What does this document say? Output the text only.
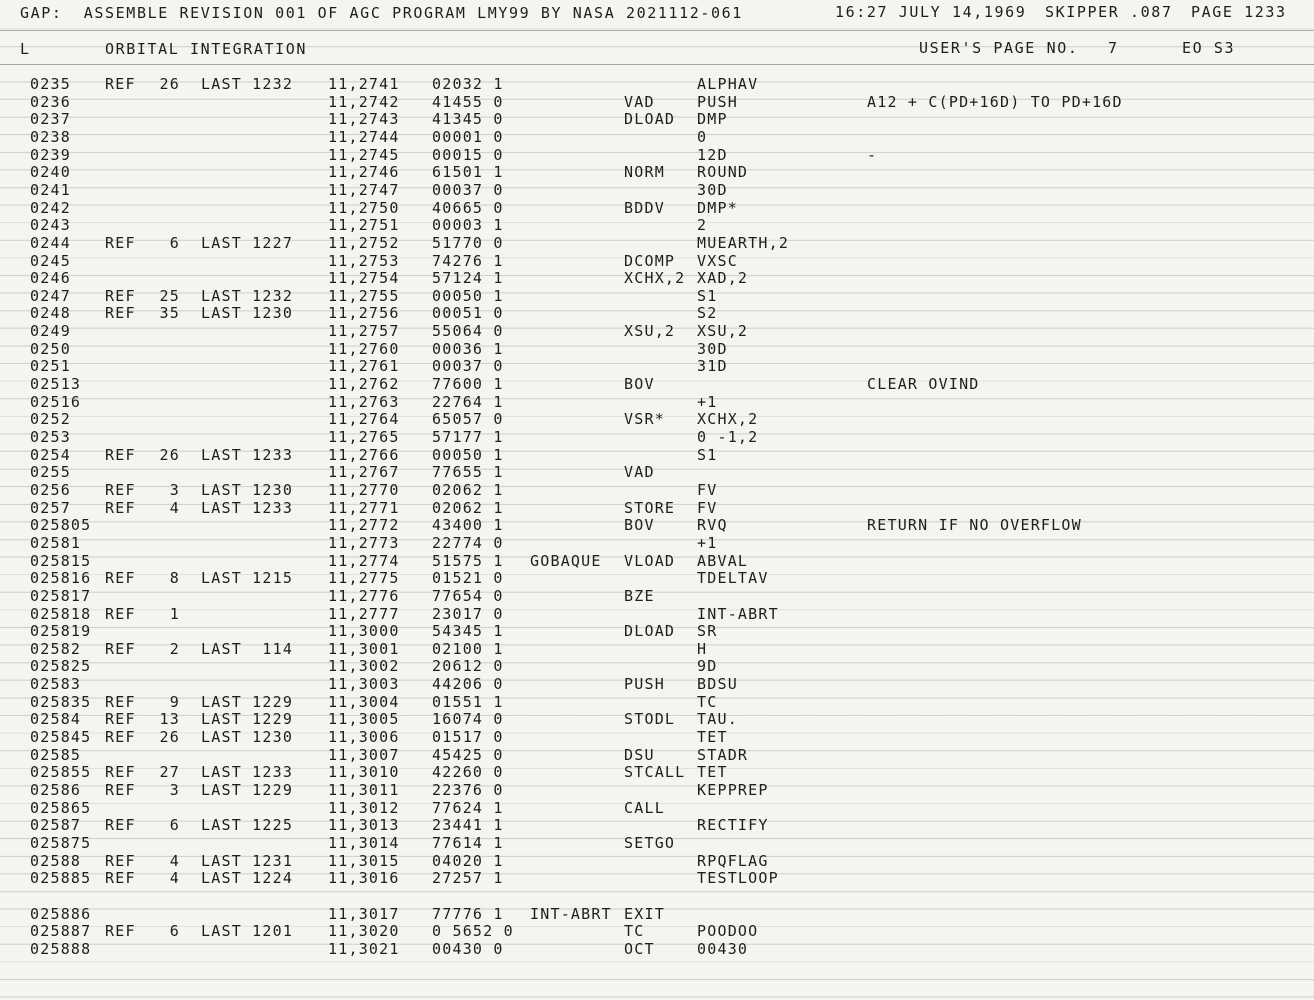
GAP:  ASSEMBLE REVISION 001 OF AGC PROGRAM LMY99 BY NASA 2021112-061	16:27 JULY 14,1969 SKIPPER .087 PAGE 1233
L	ORBITAL INTEGRATION	USER'S PAGE NO. 7	EO S3
0235 REF 26 LAST 1232 11,2741 02032 1	ALPHAV
0236	11,2742 41455 0	VAD	PUSH	A12 + C(PD+16D) TO PD+16D
0237	11,2743 41345 0	DLOAD DMP
0238	11,2744 00001 0	0
0239	11,2745 00015 0	12D	-
0240	11,2746 61501 1	NORM ROUND
0241	11,2747 00037 0	30D
0242	11,2750 40665 0	BDDV DMP*
0243	11,2751 00003 1	2
0244 REF	6 LAST 1227 11,2752 51770 0	MUEARTH,2
0245	11,2753 74276 1	DCOMP VXSC
0246	11,2754 57124 1	XCHX,2 XAD,2
0247 REF 25 LAST 1232 11,2755 00050 1	S1
0248 REF 35 LAST 1230 11,2756 00051 0	S2
0249	11,2757 55064 0	XSU,2 XSU,2
0250	11,2760 00036 1	30D
0251	11,2761 00037 0	31D
02513	11,2762 77600 1	BOV	CLEAR OVIND
02516	11,2763 22764 1	+1
0252	11,2764 65057 0	VSR* XCHX,2
0253	11,2765 57177 1	0 -1,2
0254 REF 26 LAST 1233 11,2766 00050 1	S1
0255	11,2767 77655 1	VAD
0256 REF	3 LAST 1230 11,2770 02062 1	FV
0257 REF	4 LAST 1233 11,2771 02062 1	STORE FV
025805	11,2772 43400 1	BOV	RVQ	RETURN IF NO OVERFLOW
02581	11,2773 22774 0	+1
025815	11,2774 51575 1 GOBAQUE VLOAD ABVAL
025816 REF	8 LAST 1215 11,2775 01521 0	TDELTAV
025817	11,2776 77654 0	BZE
025818 REF	1	11,2777 23017 0	INT-ABRT
025819	11,3000 54345 1	DLOAD SR
02582 REF	2 LAST  114 11,3001 02100 1	H
025825	11,3002 20612 0	9D
02583	11,3003 44206 0	PUSH BDSU
025835 REF	9 LAST 1229 11,3004 01551 1	TC
02584 REF 13 LAST 1229 11,3005 16074 0	STODL TAU.
025845 REF 26 LAST 1230 11,3006 01517 0	TET
02585	11,3007 45425 0	DSU	STADR
025855 REF 27 LAST 1233 11,3010 42260 0	STCALL TET
02586 REF	3 LAST 1229 11,3011 22376 0	KEPPREP
025865	11,3012 77624 1	CALL
02587 REF	6 LAST 1225 11,3013 23441 1	RECTIFY
025875	11,3014 77614 1	SETGO
02588 REF	4 LAST 1231 11,3015 04020 1	RPQFLAG
025885 REF	4 LAST 1224 11,3016 27257 1	TESTLOOP
025886	11,3017 77776 1 INT-ABRT EXIT
025887 REF	6 LAST 1201 11,3020 0 5652 0	TC	POODOO
025888	11,3021 00430 0	OCT	00430
